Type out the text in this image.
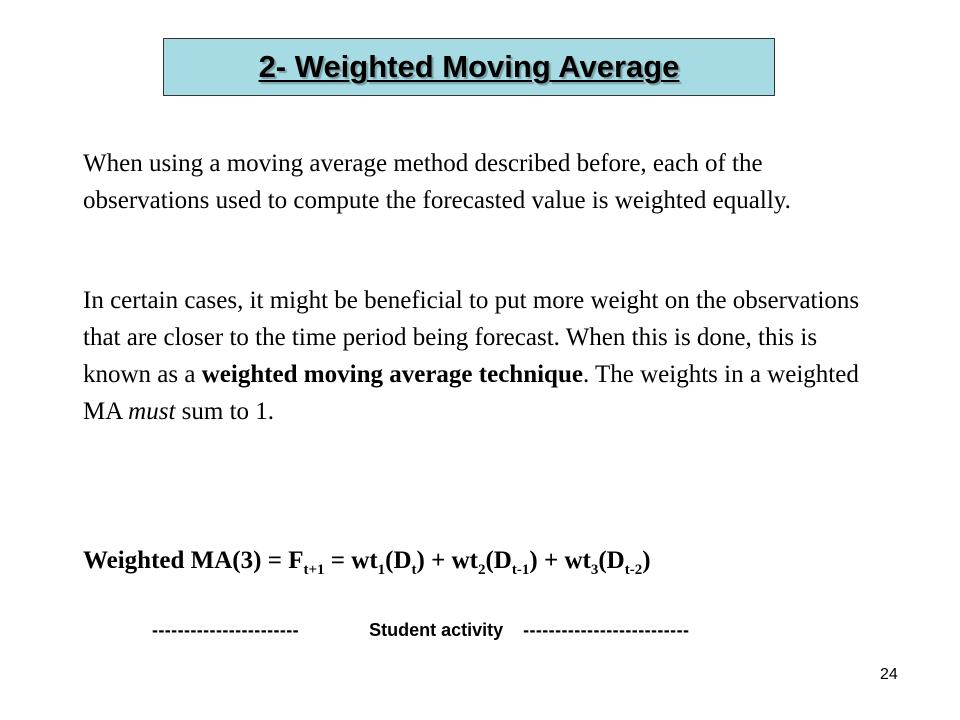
2- Weighted Moving Average
When using a moving average method described before, each of the observations used to compute the forecasted value is weighted equally.
In certain cases, it might be beneficial to put more weight on the observations that are closer to the time period being forecast. When this is done, this is known as a weighted moving average technique. The weights in a weighted MA must sum to 1.
Weighted $MA(3) = F_{t+1} = wt_1(D_t) + wt_2(D_{t-1}) + wt_3(D_{t-2})$
-----------------------	Student activity --------------------------
24
